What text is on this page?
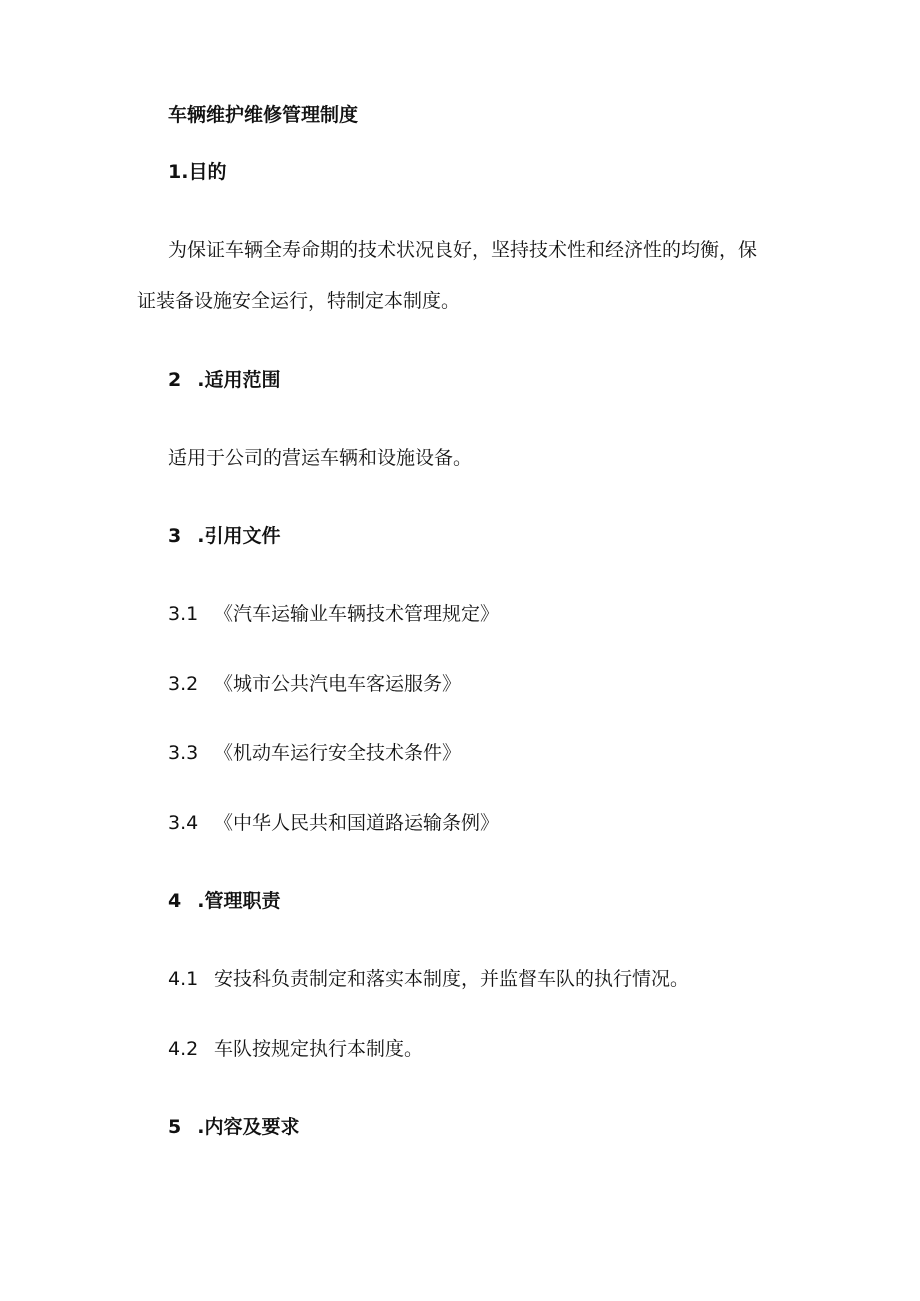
车辆维护维修管理制度
1.目的
为保证车辆全寿命期的技术状况良好，坚持技术性和经济性的均衡，保
证装备设施安全运行，特制定本制度。
2 .适用范围
适用于公司的营运车辆和设施设备。
3 .引用文件
3.1 《汽车运输业车辆技术管理规定》
3.2 《城市公共汽电车客运服务》
3.3 《机动车运行安全技术条件》
3.4 《中华人民共和国道路运输条例》
4 .管理职责
4.1 安技科负责制定和落实本制度，并监督车队的执行情况。
4.2 车队按规定执行本制度。
5 .内容及要求
